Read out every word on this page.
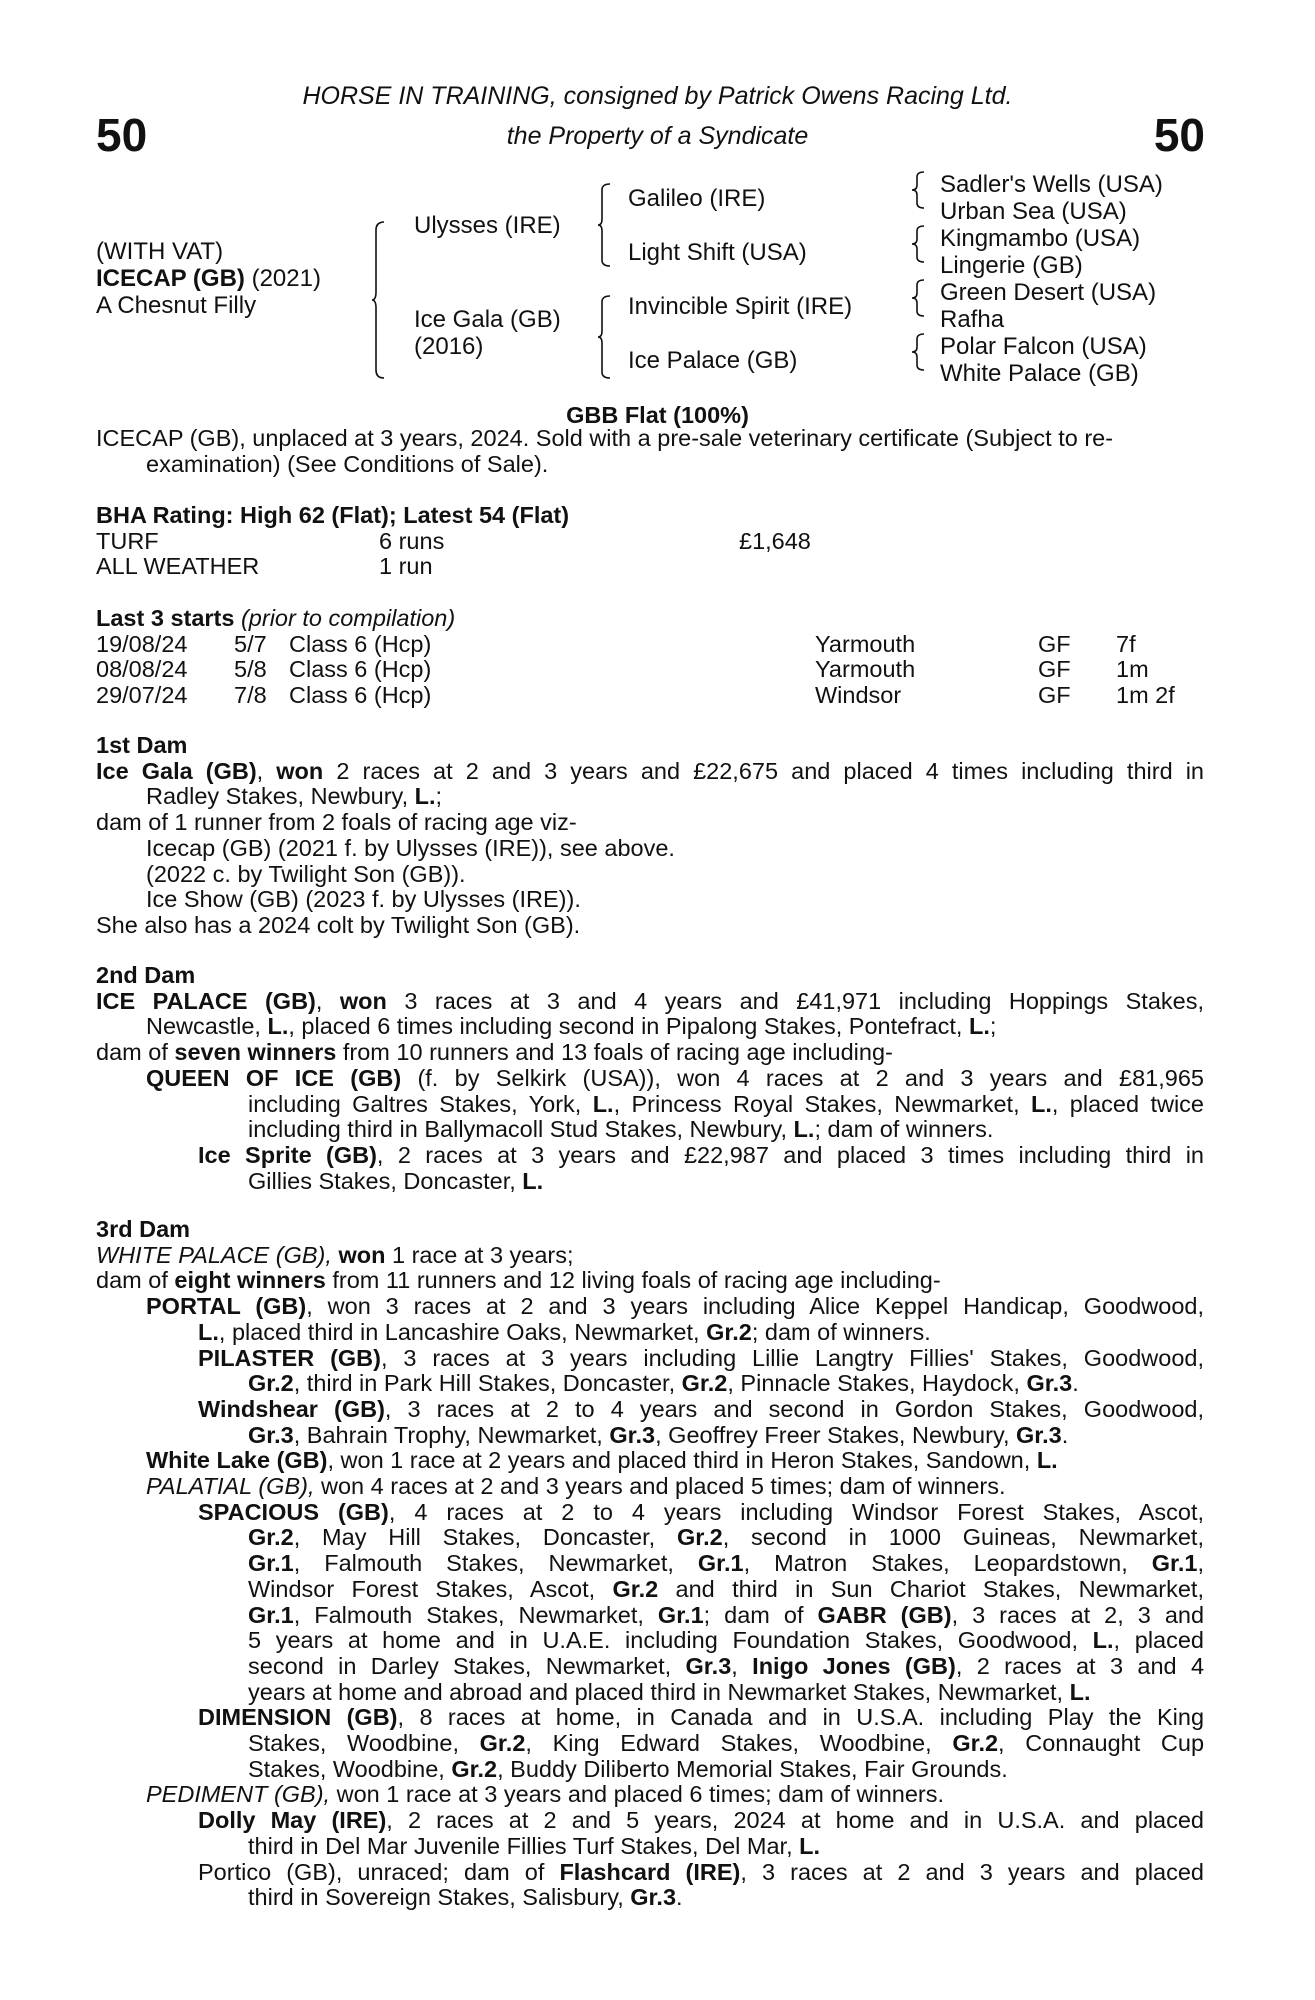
50	50
HORSE IN TRAINING, consigned by Patrick Owens Racing Ltd.
the Property of a Syndicate
(WITH VAT)
ICECAP (GB) (2021)
A Chesnut Filly
Ulysses (IRE)
Ice Gala (GB)
(2016)
Galileo (IRE)
Light Shift (USA)
Invincible Spirit (IRE)
Ice Palace (GB)
Sadler's Wells (USA)
Urban Sea (USA)
Kingmambo (USA)
Lingerie (GB)
Green Desert (USA)
Rafha
Polar Falcon (USA)
White Palace (GB)
GBB Flat (100%)
ICECAP (GB), unplaced at 3 years, 2024. Sold with a pre-sale veterinary certificate (Subject to re-
examination) (See Conditions of Sale).
BHA Rating: High 62 (Flat); Latest 54 (Flat)
TURF	6 runs	£1,648
ALL WEATHER	1 run
Last 3 starts (prior to compilation)
19/08/24	5/7 Class 6 (Hcp)	Yarmouth	GF	7f
08/08/24	5/8 Class 6 (Hcp)	Yarmouth	GF	1m
29/07/24	7/8 Class 6 (Hcp)	Windsor	GF	1m 2f
1st Dam
Ice Gala (GB), won 2 races at 2 and 3 years and £22,675 and placed 4 times including third in
Radley Stakes, Newbury, L.;
dam of 1 runner from 2 foals of racing age viz-
Icecap (GB) (2021 f. by Ulysses (IRE)), see above.
(2022 c. by Twilight Son (GB)).
Ice Show (GB) (2023 f. by Ulysses (IRE)).
She also has a 2024 colt by Twilight Son (GB).
2nd Dam
ICE PALACE (GB), won 3 races at 3 and 4 years and £41,971 including Hoppings Stakes,
Newcastle, L., placed 6 times including second in Pipalong Stakes, Pontefract, L.;
dam of seven winners from 10 runners and 13 foals of racing age including-
QUEEN OF ICE (GB) (f. by Selkirk (USA)), won 4 races at 2 and 3 years and £81,965
including Galtres Stakes, York, L., Princess Royal Stakes, Newmarket, L., placed twice
including third in Ballymacoll Stud Stakes, Newbury, L.; dam of winners.
Ice Sprite (GB), 2 races at 3 years and £22,987 and placed 3 times including third in
Gillies Stakes, Doncaster, L.
3rd Dam
WHITE PALACE (GB), won 1 race at 3 years;
dam of eight winners from 11 runners and 12 living foals of racing age including-
PORTAL (GB), won 3 races at 2 and 3 years including Alice Keppel Handicap, Goodwood,
L., placed third in Lancashire Oaks, Newmarket, Gr.2; dam of winners.
PILASTER (GB), 3 races at 3 years including Lillie Langtry Fillies' Stakes, Goodwood,
Gr.2, third in Park Hill Stakes, Doncaster, Gr.2, Pinnacle Stakes, Haydock, Gr.3.
Windshear (GB), 3 races at 2 to 4 years and second in Gordon Stakes, Goodwood,
Gr.3, Bahrain Trophy, Newmarket, Gr.3, Geoffrey Freer Stakes, Newbury, Gr.3.
White Lake (GB), won 1 race at 2 years and placed third in Heron Stakes, Sandown, L.
PALATIAL (GB), won 4 races at 2 and 3 years and placed 5 times; dam of winners.
SPACIOUS (GB), 4 races at 2 to 4 years including Windsor Forest Stakes, Ascot,
Gr.2, May Hill Stakes, Doncaster, Gr.2, second in 1000 Guineas, Newmarket,
Gr.1, Falmouth Stakes, Newmarket, Gr.1, Matron Stakes, Leopardstown, Gr.1,
Windsor Forest Stakes, Ascot, Gr.2 and third in Sun Chariot Stakes, Newmarket,
Gr.1, Falmouth Stakes, Newmarket, Gr.1; dam of GABR (GB), 3 races at 2, 3 and
5 years at home and in U.A.E. including Foundation Stakes, Goodwood, L., placed
second in Darley Stakes, Newmarket, Gr.3, Inigo Jones (GB), 2 races at 3 and 4
years at home and abroad and placed third in Newmarket Stakes, Newmarket, L.
DIMENSION (GB), 8 races at home, in Canada and in U.S.A. including Play the King
Stakes, Woodbine, Gr.2, King Edward Stakes, Woodbine, Gr.2, Connaught Cup
Stakes, Woodbine, Gr.2, Buddy Diliberto Memorial Stakes, Fair Grounds.
PEDIMENT (GB), won 1 race at 3 years and placed 6 times; dam of winners.
Dolly May (IRE), 2 races at 2 and 5 years, 2024 at home and in U.S.A. and placed
third in Del Mar Juvenile Fillies Turf Stakes, Del Mar, L.
Portico (GB), unraced; dam of Flashcard (IRE), 3 races at 2 and 3 years and placed
third in Sovereign Stakes, Salisbury, Gr.3.
